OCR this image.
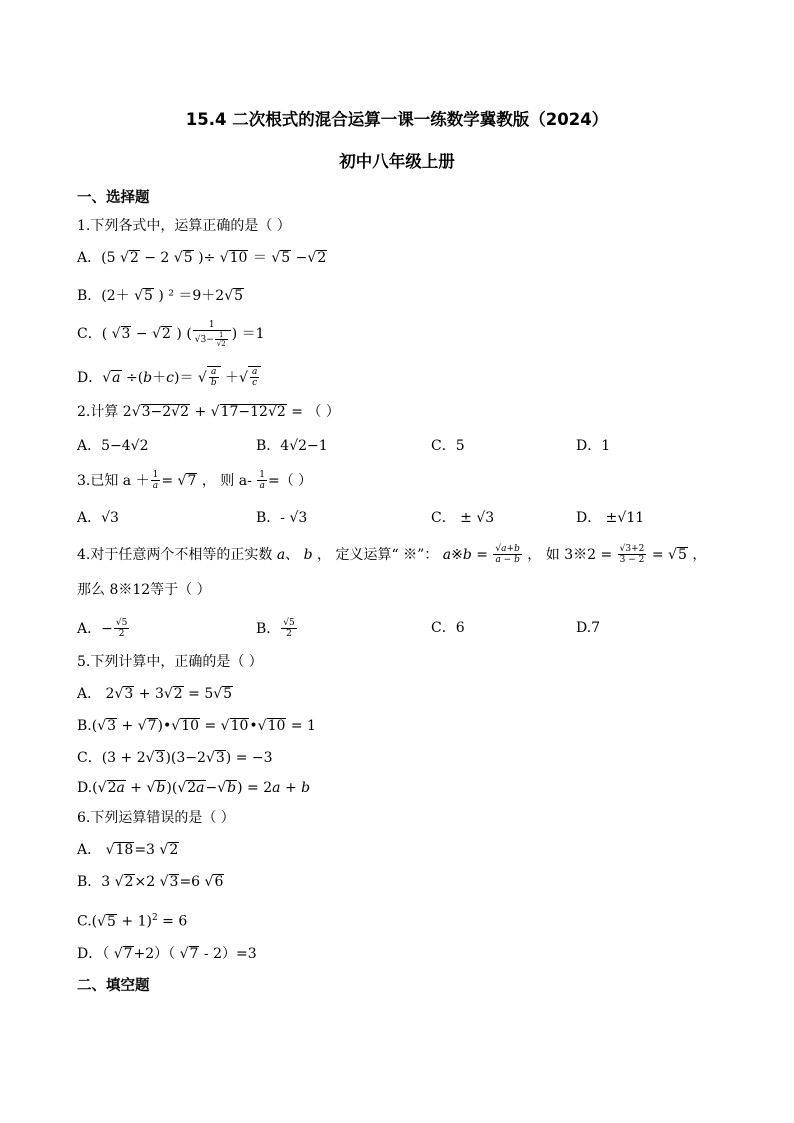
15.4 二次根式的混合运算一课一练数学冀教版（2024）
初中八年级上册
一、选择题
1.下列各式中，运算正确的是（ ）
A．(5 √2 − 2 √5 )÷ √10 ＝ √5 −√2
B．(2＋ √5 ) ² ＝9＋2√5
C．( √3 − √2 ) ( $\frac{1}{√3- \frac{1}{√2}}$ ) ＝1
D．√a ÷(b＋c)＝ √ $\frac{a}{b}$ ＋√ $\frac{a}{c}$
2.计算 2√3−2√2 + √17−12√2 = （ ）
A．5−4√2	B．4√2−1	C．5	D．1
3.已知 $a + \frac{1}{a} = √7$ ， 则 $a- \frac{1}{a}$ =（ ）
A．√3	B．- √3	C． ± √3	D． ±√11
4.对于任意两个不相等的正实数 a、 b ， 定义运算“ ※”： a※b = $\frac{√a+b}{a - b}$ ， 如 3※2 = $\frac{√3+2}{3 - 2} = √5$ ，
那么 8※12等于（ ）
A．− $\frac{√5}{2}$	B． $\frac{√5}{2}$	C．6	D.7
5.下列计算中，正确的是（ ）
A． 2√3 + 3√2 = 5√5
B.(√3 + √7)•√10 = √10•√10 = 1
C．(3 + 2√3)(3−2√3) = −3
D.(√2a + √b)(√2a−√b) = 2a + b
6.下列运算错误的是（ ）
A． √18=3 √2
B．3 √2×2 √3=6 √6
$C.(√5 + 1)^2 = 6$
D．（ √7+2）（ √7 - 2）=3
二、填空题
